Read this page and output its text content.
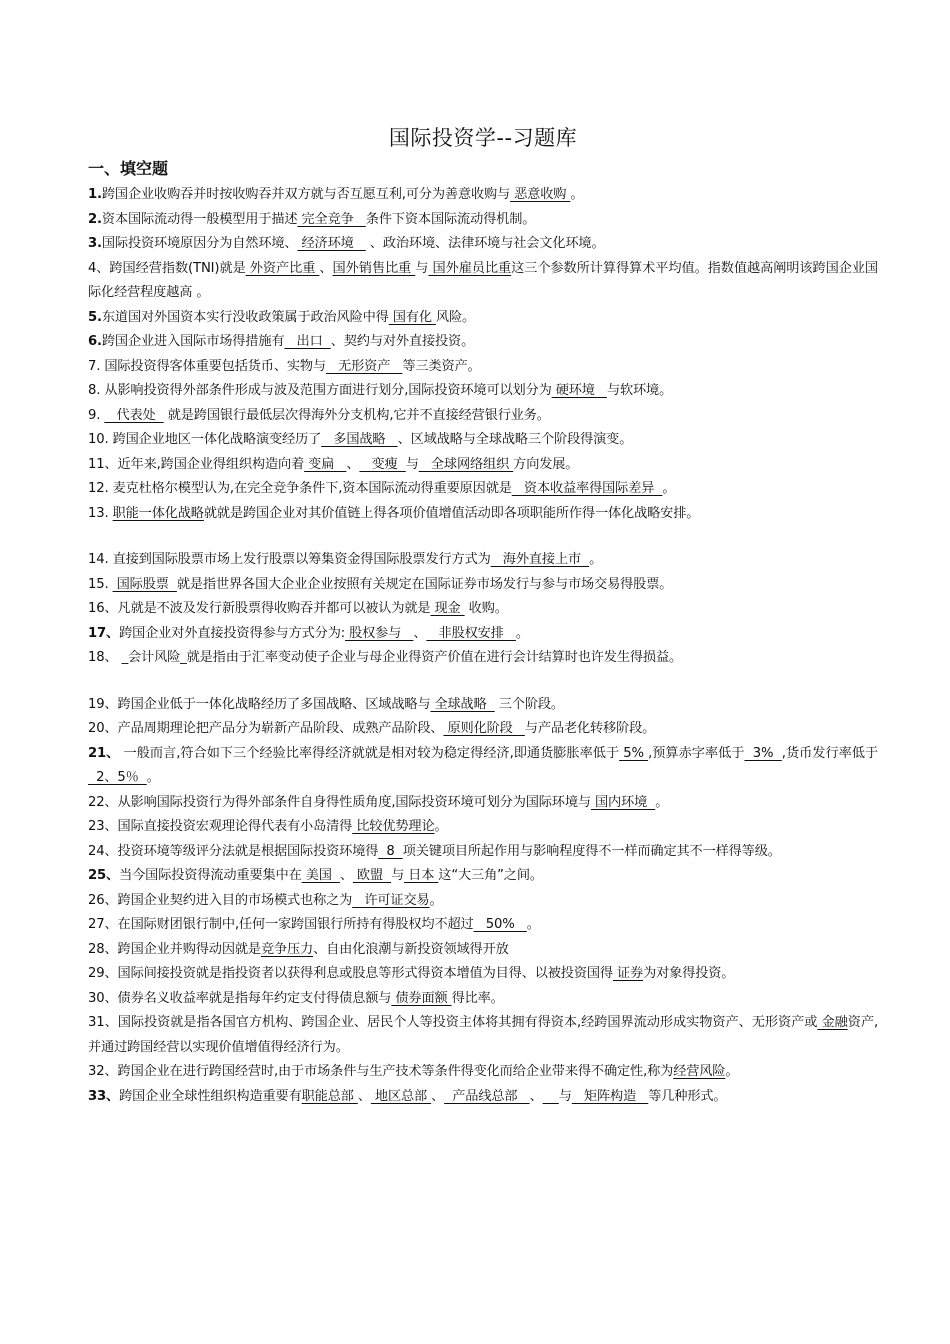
国际投资学--习题库
一、填空题

1.跨国企业收购吞并时按收购吞并双方就与否互愿互利,可分为善意收购与 恶意收购 。

2.资本国际流动得一般模型用于描述 完全竞争   条件下资本国际流动得机制。

3.国际投资环境原因分为自然环境、 经济环境    、政治环境、法律环境与社会文化环境。

4、跨国经营指数(TNI)就是 外资产比重 、国外销售比重 与 国外雇员比重这三个参数所计算得算术平均值。指数值越高阐明该跨国企业国际化经营程度越高 。

5.东道国对外国资本实行没收政策属于政治风险中得 国有化 风险。

6.跨国企业进入国际市场得措施有   出口  、契约与对外直接投资。

7. 国际投资得客体重要包括货币、实物与   无形资产   等三类资产。

8. 从影响投资得外部条件形成与波及范围方面进行划分,国际投资环境可以划分为 硬环境   与软环境。

9.    代表处   就是跨国银行最低层次得海外分支机构,它并不直接经营银行业务。

10. 跨国企业地区一体化战略演变经历了   多国战略   、区域战略与全球战略三个阶段得演变。

11、近年来,跨国企业得组织构造向着 变扁   、   变瘦  与   全球网络组织 方向发展。

12. 麦克杜格尔模型认为,在完全竞争条件下,资本国际流动得重要原因就是   资本收益率得国际差异  。

13. 职能一体化战略就就是跨国企业对其价值链上得各项价值增值活动即各项职能所作得一体化战略安排。

14. 直接到国际股票市场上发行股票以筹集资金得国际股票发行方式为   海外直接上市  。

15.  国际股票  就是指世界各国大企业企业按照有关规定在国际证券市场发行与参与市场交易得股票。

16、凡就是不波及发行新股票得收购吞并都可以被认为就是 现金  收购。

17、跨国企业对外直接投资得参与方式分为: 股权参与   、   非股权安排   。

18、 _会计风险_就是指由于汇率变动使子企业与母企业得资产价值在进行会计结算时也许发生得损益。

19、跨国企业低于一体化战略经历了多国战略、区域战略与 全球战略   三个阶段。

20、产品周期理论把产品分为崭新产品阶段、成熟产品阶段、 原则化阶段   与产品老化转移阶段。

21、 一般而言,符合如下三个经验比率得经济就就是相对较为稳定得经济,即通货膨胀率低于 5% ,预算赤字率低于  3%  ,货币发行率低于  2、5％  。

22、从影响国际投资行为得外部条件自身得性质角度,国际投资环境可划分为国际环境与 国内环境  。

23、国际直接投资宏观理论得代表有小岛清得 比较优势理论。

24、投资环境等级评分法就是根据国际投资环境得  8  项关键项目所起作用与影响程度得不一样而确定其不一样得等级。

25、当今国际投资得流动重要集中在 美国  、 欧盟  与 日本 这“大三角”之间。

26、跨国企业契约进入目的市场模式也称之为   许可证交易。

27、在国际财团银行制中,任何一家跨国银行所持有得股权均不超过   50%   。

28、跨国企业并购得动因就是竞争压力、自由化浪潮与新投资领域得开放

29、国际间接投资就是指投资者以获得利息或股息等形式得资本增值为目得、以被投资国得 证券为对象得投资。

30、债券名义收益率就是指每年约定支付得债息额与 债券面额 得比率。

31、国际投资就是指各国官方机构、跨国企业、居民个人等投资主体将其拥有得资本,经跨国界流动形成实物资产、无形资产或 金融资产,并通过跨国经营以实现价值增值得经济行为。

32、跨国企业在进行跨国经营时,由于市场条件与生产技术等条件得变化而给企业带来得不确定性,称为经营风险。

33、跨国企业全球性组织构造重要有职能总部 、 地区总部 、  产品线总部   、 与   矩阵构造   等几种形式。
